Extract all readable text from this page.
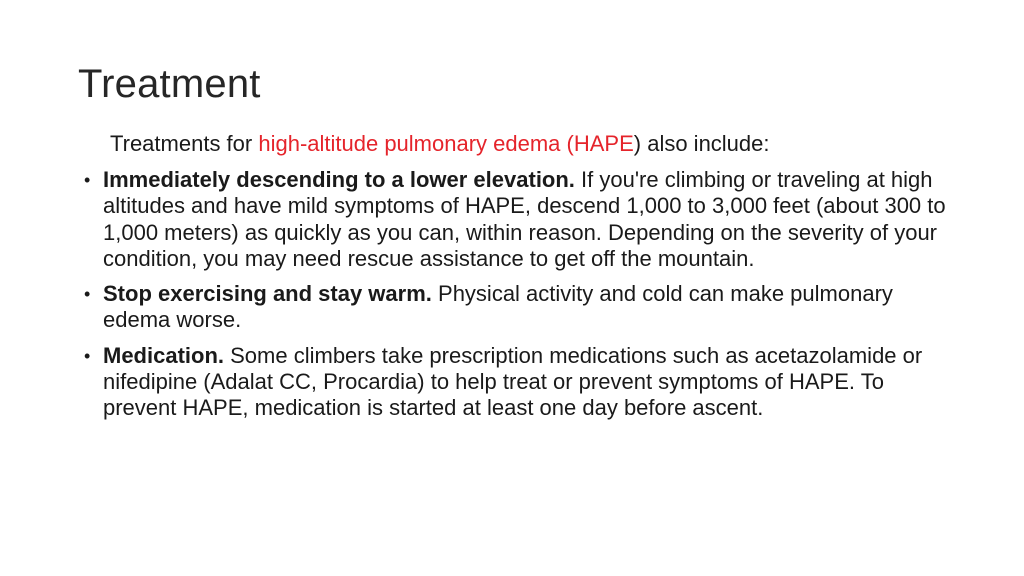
Treatment

Treatments for high-altitude pulmonary edema (HAPE) also include:

• Immediately descending to a lower elevation. If you're climbing or traveling at high altitudes and have mild symptoms of HAPE, descend 1,000 to 3,000 feet (about 300 to 1,000 meters) as quickly as you can, within reason. Depending on the severity of your condition, you may need rescue assistance to get off the mountain.
• Stop exercising and stay warm. Physical activity and cold can make pulmonary edema worse.
• Medication. Some climbers take prescription medications such as acetazolamide or nifedipine (Adalat CC, Procardia) to help treat or prevent symptoms of HAPE. To prevent HAPE, medication is started at least one day before ascent.
